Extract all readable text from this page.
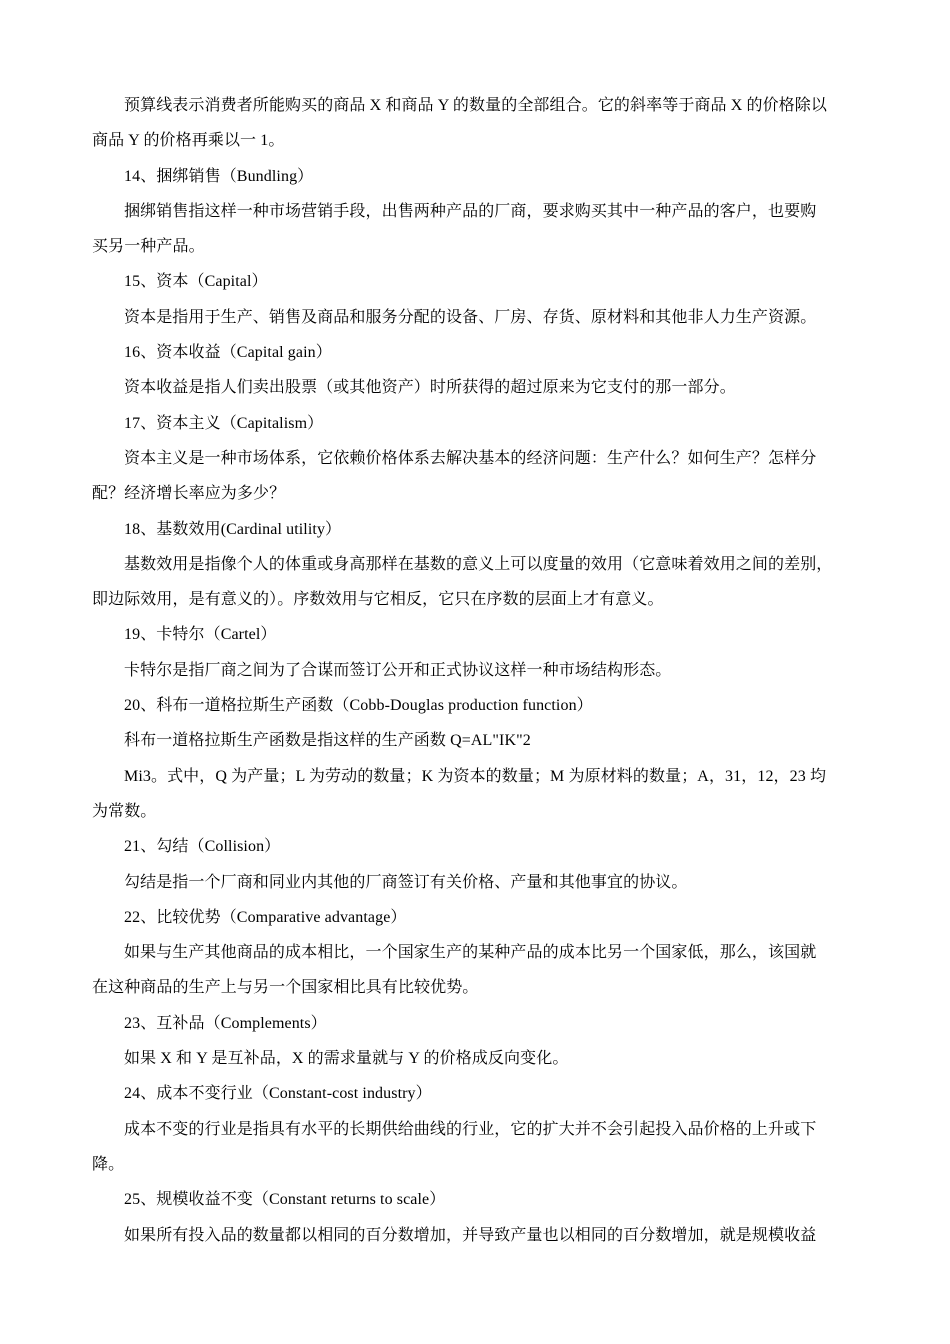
预算线表示消费者所能购买的商品 X 和商品 Y 的数量的全部组合。它的斜率等于商品 X 的价格除以
商品 Y 的价格再乘以一 1。
14、捆绑销售（Bundling）
捆绑销售指这样一种市场营销手段，出售两种产品的厂商，要求购买其中一种产品的客户，也要购
买另一种产品。
15、资本（Capital）
资本是指用于生产、销售及商品和服务分配的设备、厂房、存货、原材料和其他非人力生产资源。
16、资本收益（Capital gain）
资本收益是指人们卖出股票（或其他资产）时所获得的超过原来为它支付的那一部分。
17、资本主义（Capitalism）
资本主义是一种市场体系，它依赖价格体系去解决基本的经济问题：生产什么？如何生产？怎样分
配？经济增长率应为多少？
18、基数效用(Cardinal utility）
基数效用是指像个人的体重或身高那样在基数的意义上可以度量的效用（它意味着效用之间的差别，
即边际效用，是有意义的）。序数效用与它相反，它只在序数的层面上才有意义。
19、卡特尔（Cartel）
卡特尔是指厂商之间为了合谋而签订公开和正式协议这样一种市场结构形态。
20、科布一道格拉斯生产函数（Cobb-Douglas production function）
科布一道格拉斯生产函数是指这样的生产函数 Q=AL"IK"2
Mi3。式中，Q 为产量；L 为劳动的数量；K 为资本的数量；M 为原材料的数量；A，31，12，23 均
为常数。
21、勾结（Collision）
勾结是指一个厂商和同业内其他的厂商签订有关价格、产量和其他事宜的协议。
22、比较优势（Comparative advantage）
如果与生产其他商品的成本相比，一个国家生产的某种产品的成本比另一个国家低，那么，该国就
在这种商品的生产上与另一个国家相比具有比较优势。
23、互补品（Complements）
如果 X 和 Y 是互补品，X 的需求量就与 Y 的价格成反向变化。
24、成本不变行业（Constant-cost industry）
成本不变的行业是指具有水平的长期供给曲线的行业，它的扩大并不会引起投入品价格的上升或下
降。
25、规模收益不变（Constant returns to scale）
如果所有投入品的数量都以相同的百分数增加，并导致产量也以相同的百分数增加，就是规模收益
